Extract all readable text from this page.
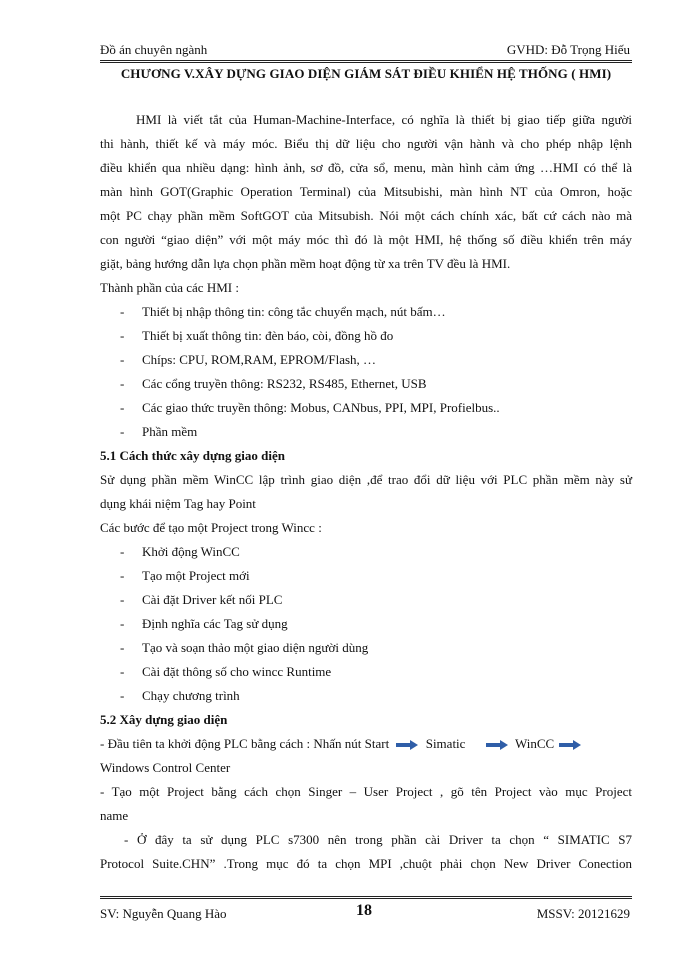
Đồ án chuyên ngành	GVHD: Đỗ Trọng Hiếu
CHƯƠNG V.XÂY DỰNG GIAO DIỆN GIÁM SÁT ĐIỀU KHIỂN HỆ THỐNG ( HMI)
HMI là viết tắt của Human-Machine-Interface, có nghĩa là thiết bị giao tiếp giữa người
thi hành, thiết kế và máy móc. Biểu thị dữ liệu cho người vận hành và cho phép nhập lệnh
điều khiển qua nhiều dạng: hình ảnh, sơ đồ, cửa sổ, menu, màn hình cảm ứng …HMI có thể là
màn hình GOT(Graphic Operation Terminal) của Mitsubishi, màn hình NT của Omron, hoặc
một PC chạy phần mềm SoftGOT của Mitsubish. Nói một cách chính xác, bất cứ cách nào mà
con người “giao diện” với một máy móc thì đó là một HMI, hệ thống số điều khiển trên máy
giặt, bảng hướng dẫn lựa chọn phần mềm hoạt động từ xa trên TV đều là HMI.
Thành phần của các HMI :
- Thiết bị nhập thông tin: công tắc chuyển mạch, nút bấm…
- Thiết bị xuất thông tin: đèn báo, còi, đồng hồ đo
- Chíps: CPU, ROM,RAM, EPROM/Flash, …
- Các cổng truyền thông: RS232, RS485, Ethernet, USB
- Các giao thức truyền thông: Mobus, CANbus, PPI, MPI, Profielbus..
- Phần mềm
5.1 Cách thức xây dựng giao diện
Sử dụng phần mềm WinCC lập trình giao diện ,để trao đổi dữ liệu với PLC phần mềm này sử
dụng khái niệm Tag hay Point
Các bước để tạo một Project trong Wincc :
- Khởi động WinCC
- Tạo một Project mới
- Cài đặt Driver kết nối PLC
- Định nghĩa các Tag sử dụng
- Tạo và soạn thảo một giao diện người dùng
- Cài đặt thông số cho wincc Runtime
- Chạy chương trình
5.2 Xây dựng giao diện
- Đầu tiên ta khởi động PLC bằng cách : Nhấn nút Start	Simatic	WinCC
Windows Control Center
- Tạo một Project bằng cách chọn Singer – User Project , gõ tên Project vào mục Project
name
- Ở đây ta sử dụng PLC s7300 nên trong phần cài Driver ta chọn “ SIMATIC S7
Protocol Suite.CHN” .Trong mục đó ta chọn MPI ,chuột phải chọn New Driver Conection
SV: Nguyễn Quang Hào	18	MSSV: 20121629
